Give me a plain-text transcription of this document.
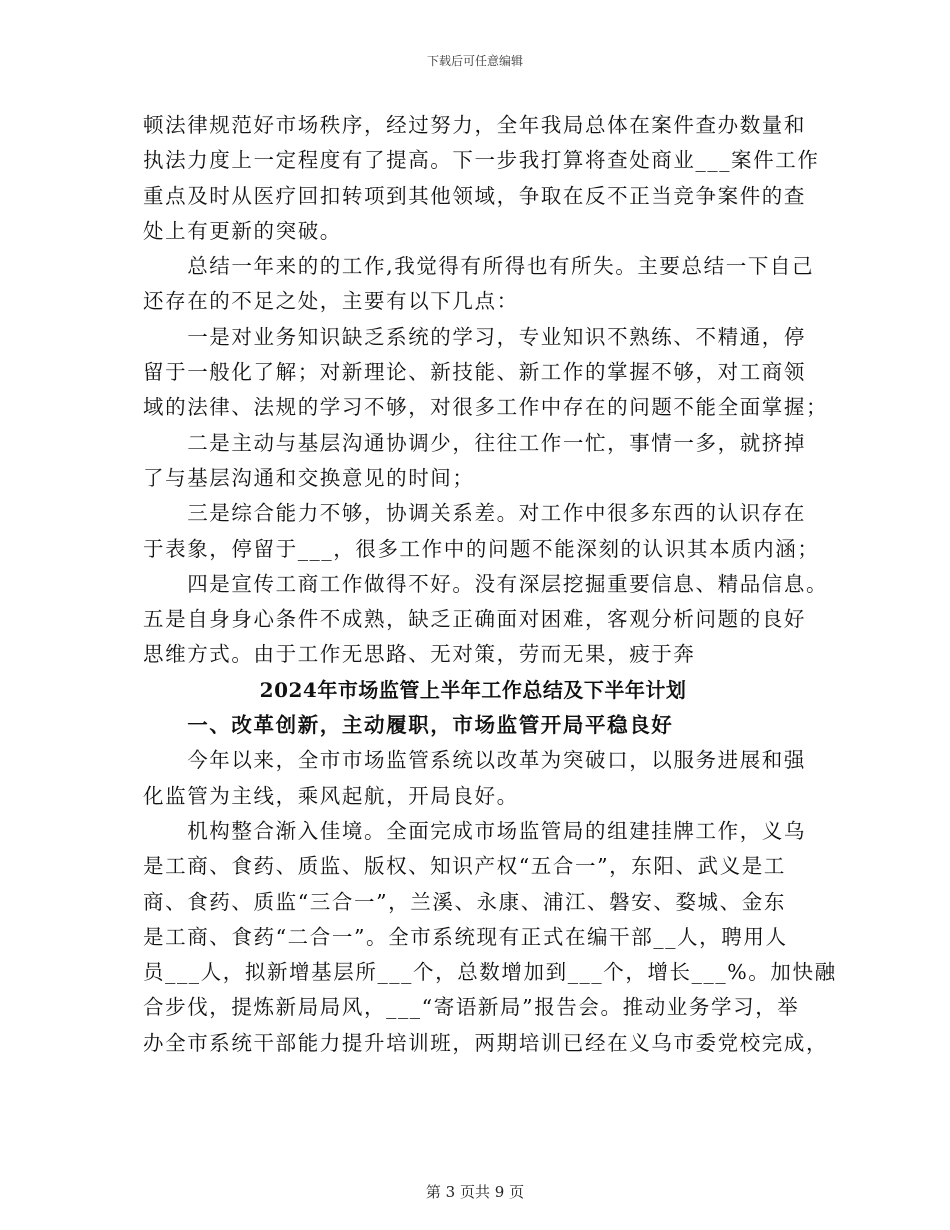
下载后可任意编辑

顿法律规范好市场秩序，经过努力，全年我局总体在案件查办数量和
执法力度上一定程度有了提高。下一步我打算将查处商业___案件工作
重点及时从医疗回扣转项到其他领域，争取在反不正当竞争案件的查
处上有更新的突破。

　　总结一年来的的工作,我觉得有所得也有所失。主要总结一下自己
还存在的不足之处，主要有以下几点：

　　一是对业务知识缺乏系统的学习，专业知识不熟练、不精通，停
留于一般化了解；对新理论、新技能、新工作的掌握不够，对工商领
域的法律、法规的学习不够，对很多工作中存在的问题不能全面掌握；

　　二是主动与基层沟通协调少，往往工作一忙，事情一多，就挤掉
了与基层沟通和交换意见的时间；

　　三是综合能力不够，协调关系差。对工作中很多东西的认识存在
于表象，停留于___，很多工作中的问题不能深刻的认识其本质内涵；

　　四是宣传工商工作做得不好。没有深层挖掘重要信息、精品信息。
五是自身身心条件不成熟，缺乏正确面对困难，客观分析问题的良好
思维方式。由于工作无思路、无对策，劳而无果，疲于奔

2024年市场监管上半年工作总结及下半年计划

　　一、改革创新，主动履职，市场监管开局平稳良好

　　今年以来，全市市场监管系统以改革为突破口，以服务进展和强
化监管为主线，乘风起航，开局良好。

　　机构整合渐入佳境。全面完成市场监管局的组建挂牌工作，义乌
是工商、食药、质监、版权、知识产权“五合一”，东阳、武义是工
商、食药、质监“三合一”，兰溪、永康、浦江、磐安、婺城、金东
是工商、食药“二合一”。全市系统现有正式在编干部__人，聘用人
员___人，拟新增基层所___个，总数增加到___个，增长___%。加快融
合步伐，提炼新局局风，___“寄语新局”报告会。推动业务学习，举
办全市系统干部能力提升培训班，两期培训已经在义乌市委党校完成，

第 3 页共 9 页
